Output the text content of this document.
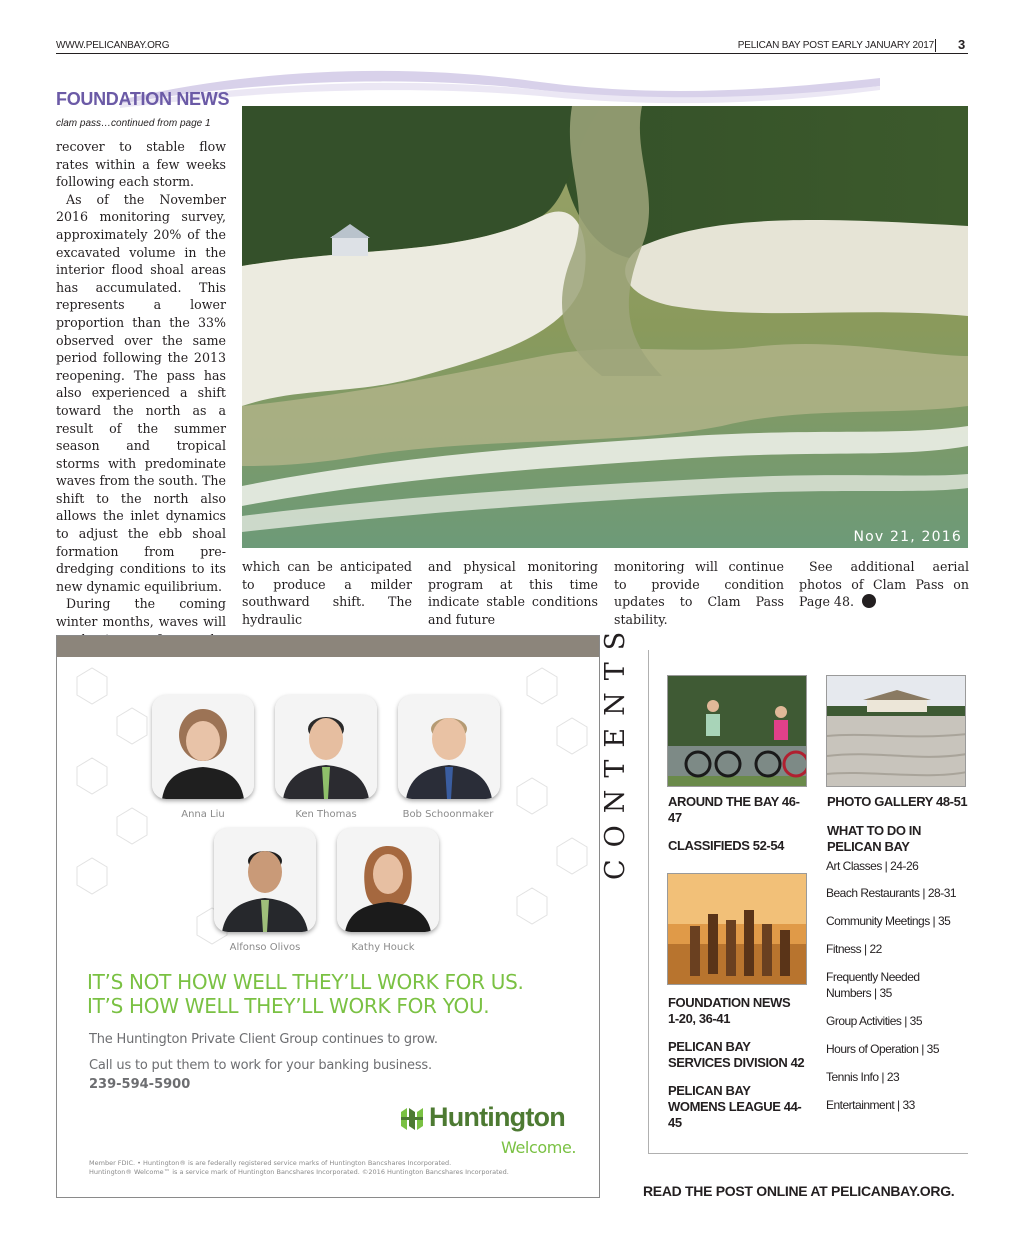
WWW.PELICANBAY.ORG	PELICAN BAY POST EARLY JANUARY 2017 3
FOUNDATION NEWS
clam pass…continued from page 1

recover to stable flow rates within a few weeks following each storm.

As of the November 2016 monitoring survey, approximately 20% of the excavated volume in the interior flood shoal areas has accumulated. This represents a lower proportion than the 33% observed over the same period following the 2013 reopening. The pass has also experienced a shift toward the north as a result of the summer season and tropical storms with predominate waves from the south. The shift to the north also allows the inlet dynamics to adjust the ebb shoal formation from pre-dredging conditions to its new dynamic equilibrium.

During the coming winter months, waves will

Nov 21, 2016

which can be anticipated to produce a milder southward shift. The hydraulic

and physical monitoring program at this time indicate stable conditions and future

monitoring will continue to provide condition updates to Clam Pass stability.

See additional aerial photos of Clam Pass on Page 48.

Anna Liu	Ken Thomas	Bob Schoonmaker
Alfonso Olivos	Kathy Houck
IT’S NOT HOW WELL THEY’LL WORK FOR US.
IT’S HOW WELL THEY’LL WORK FOR YOU.
The Huntington Private Client Group continues to grow.
Call us to put them to work for your banking business.
239-594-5900
Huntington
Welcome.
Member FDIC. • Huntington® is are federally registered service marks of Huntington Bancshares Incorporated.
Huntington® Welcome™ is a service mark of Huntington Bancshares Incorporated. ©2016 Huntington Bancshares Incorporated.
CONTENTS	AROUND THE BAY 46-47
CLASSIFIEDS 52-54
FOUNDATION NEWS 1-20, 36-41
PELICAN BAY SERVICES DIVISION 42
PELICAN BAY WOMENS LEAGUE 44-45
PHOTO GALLERY 48-51
WHAT TO DO IN PELICAN BAY
Art Classes | 24-26
Beach Restaurants | 28-31
Community Meetings | 35
Fitness | 22
Frequently Needed Numbers | 35
Group Activities | 35
Hours of Operation | 35
Tennis Info | 23
Entertainment | 33
READ THE POST ONLINE AT PELICANBAY.ORG.
